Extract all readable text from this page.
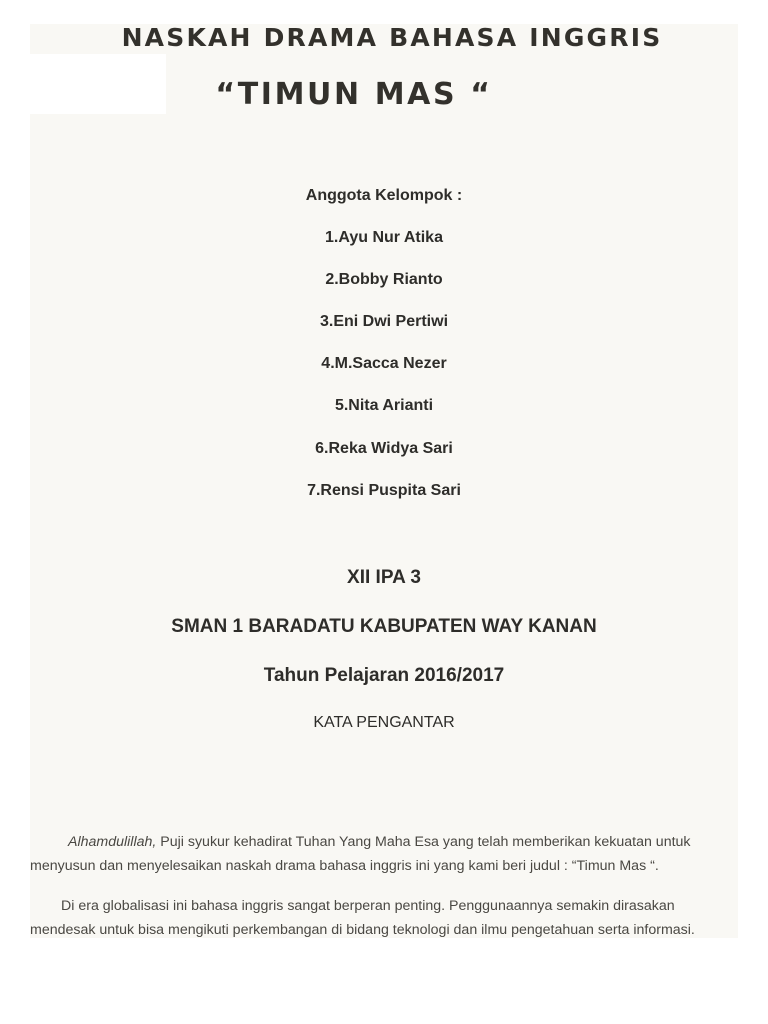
NASKAH DRAMA BAHASA INGGRIS
“TIMUN MAS “

Anggota Kelompok :

1.Ayu Nur Atika

2.Bobby Rianto

3.Eni Dwi Pertiwi

4.M.Sacca Nezer

5.Nita Arianti

6.Reka Widya Sari

7.Rensi Puspita Sari

XII IPA 3

SMAN 1 BARADATU KABUPATEN WAY KANAN

Tahun Pelajaran 2016/2017

KATA PENGANTAR

Alhamdulillah, Puji syukur kehadirat Tuhan Yang Maha Esa yang telah memberikan kekuatan untuk
menyusun dan menyelesaikan naskah drama bahasa inggris ini yang kami beri judul : “Timun Mas “.

Di era globalisasi ini bahasa inggris sangat berperan penting. Penggunaannya semakin dirasakan
mendesak untuk bisa mengikuti perkembangan di bidang teknologi dan ilmu pengetahuan serta informasi.
